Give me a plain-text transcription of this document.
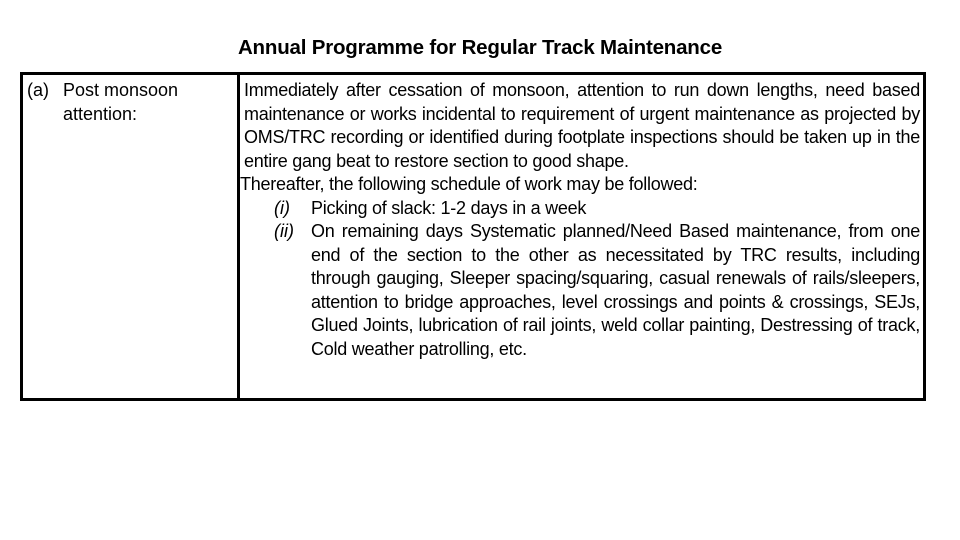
Annual Programme for Regular Track Maintenance
(a) Post monsoon
attention:
Immediately after cessation of monsoon, attention to run down lengths, need based maintenance or works incidental to requirement of urgent maintenance as projected by OMS/TRC recording or identified during footplate inspections should be taken up in the entire gang beat to restore section to good shape.
Thereafter, the following schedule of work may be followed:
(i)	Picking of slack: 1-2 days in a week
(ii) On remaining days Systematic planned/Need Based maintenance, from one end of the section to the other as necessitated by TRC results, including through gauging, Sleeper spacing/squaring, casual renewals of rails/sleepers, attention to bridge approaches, level crossings and points & crossings, SEJs, Glued Joints, lubrication of rail joints, weld collar painting, Destressing of track, Cold weather patrolling, etc.
